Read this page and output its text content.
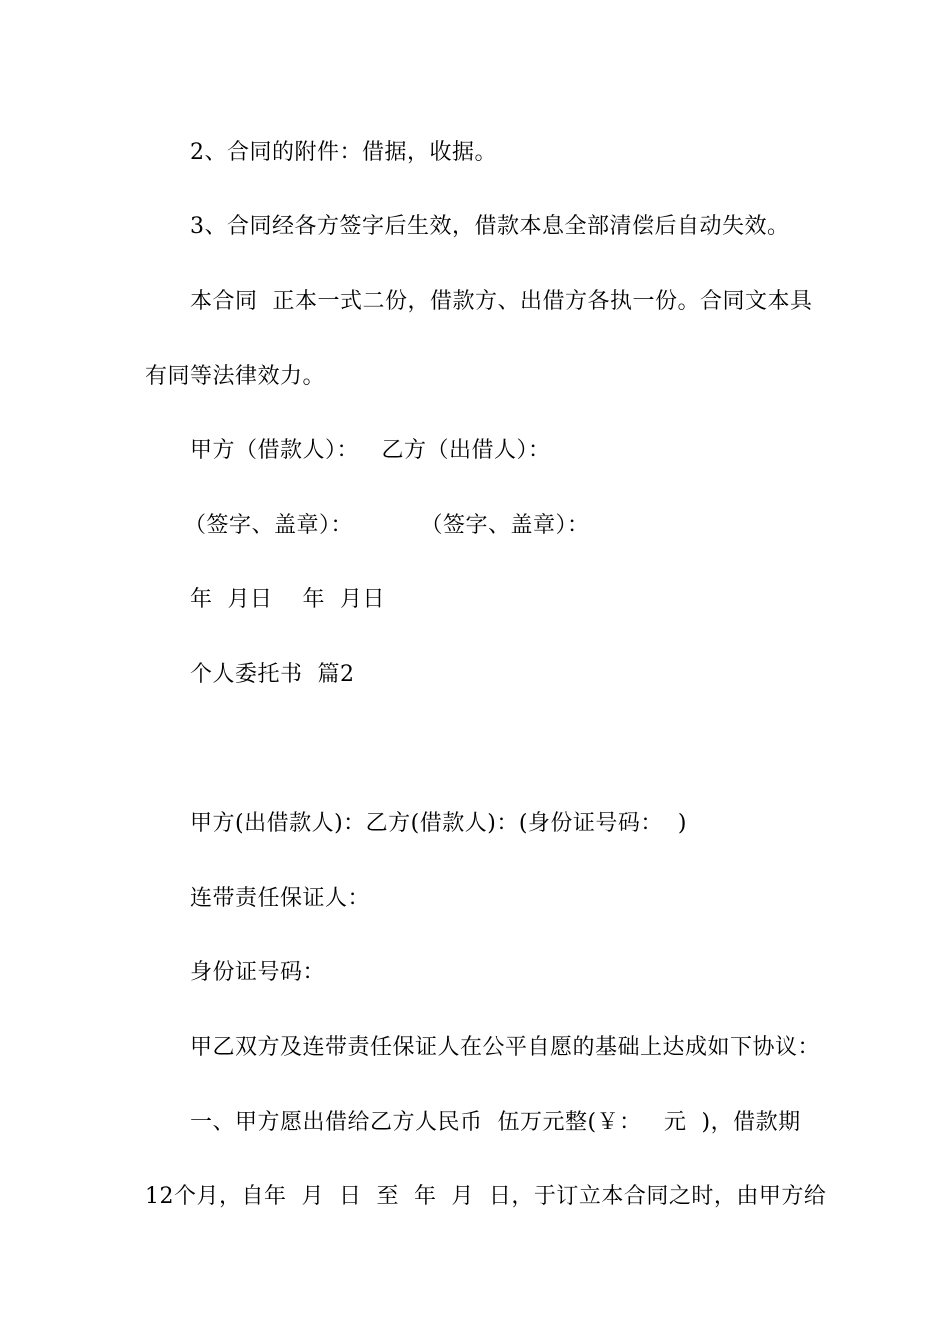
2、合同的附件：借据，收据。
3、合同经各方签字后生效，借款本息全部清偿后自动失效。
本合同  正本一式二份，借款方、出借方各执一份。合同文本具
有同等法律效力。
甲方（借款人）：   乙方（出借人）：
（签字、盖章）：         （签字、盖章）：
年  月日    年  月日
个人委托书  篇2
甲方(出借款人)：乙方(借款人)：(身份证号码：  )
连带责任保证人：
身份证号码：
甲乙双方及连带责任保证人在公平自愿的基础上达成如下协议：
一、甲方愿出借给乙方人民币  伍万元整(￥：   元  )，借款期
12个月，自年  月  日  至  年  月  日，于订立本合同之时，由甲方给
